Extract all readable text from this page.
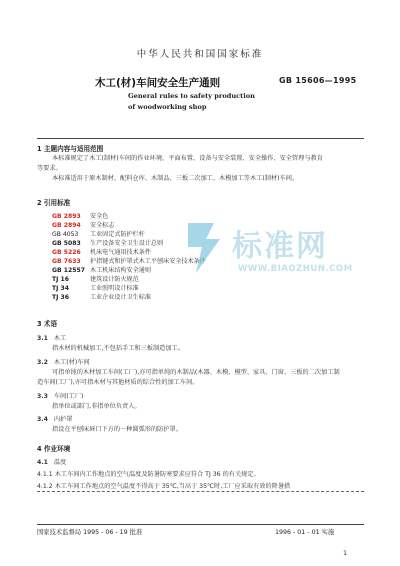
中华人民共和国国家标准
木工(材)车间安全生产通则	GB 15606—1995
General rules to safety production
of woodworking shop
1 主题内容与适用范围
本标准规定了木工(制材)车间的作业环境、平面布置、设备与安全装置、安全操作、安全管理与教育
等要求。
本标准适用于原木制材、配料仓库、木制品、三板二次加工、木模加工等木工(制材)车间。
2 引用标准
GB 2893 安全色
GB 2894 安全标志
GB 4053 工业固定式防护栏杆
GB 5083 生产设备安全卫生设计总则
GB 5226 机床电气通用技术条件
GB 7633 护指键式和护罩式木工平刨床安全技术条件
GB 12557 木工机床结构安全通则
TJ 16	建筑设计防火规范
TJ 34	工业照明设计标准
TJ 36	工业企业设计卫生标准
3 术语
3.1 木工
指木材的机械加工,不包括手工和三板制造加工。
3.2 木工(材)车间
可指单纯的木材加工车间(工厂),亦可指单纯的木制品(木器、木模、模型、家具、门窗、三板的二次加工制
造车间(工厂),亦可指木材与其他材质的综合性的加工车间。
3.3 车间(工厂)
指单位或部门,非指单位负责人。
3.4 内护罩
指设在平刨床唇口下方的一种圆弧形的防护罩。
4 作业环境
4.1 温度
4.1.1 木工车间内工作地点的空气温度及防暑防寒要求应符合 TJ 36 的有关规定。
4.1.2 木工车间工作地点的空气温度不得高于 35℃,当高于 35℃时,工厂应采取有效的降暑措
国家技术监督局 1995 - 06 - 19 批准	1996 - 01 - 01 实施
1
标准网
WWW.BIAOZHUN.COM
